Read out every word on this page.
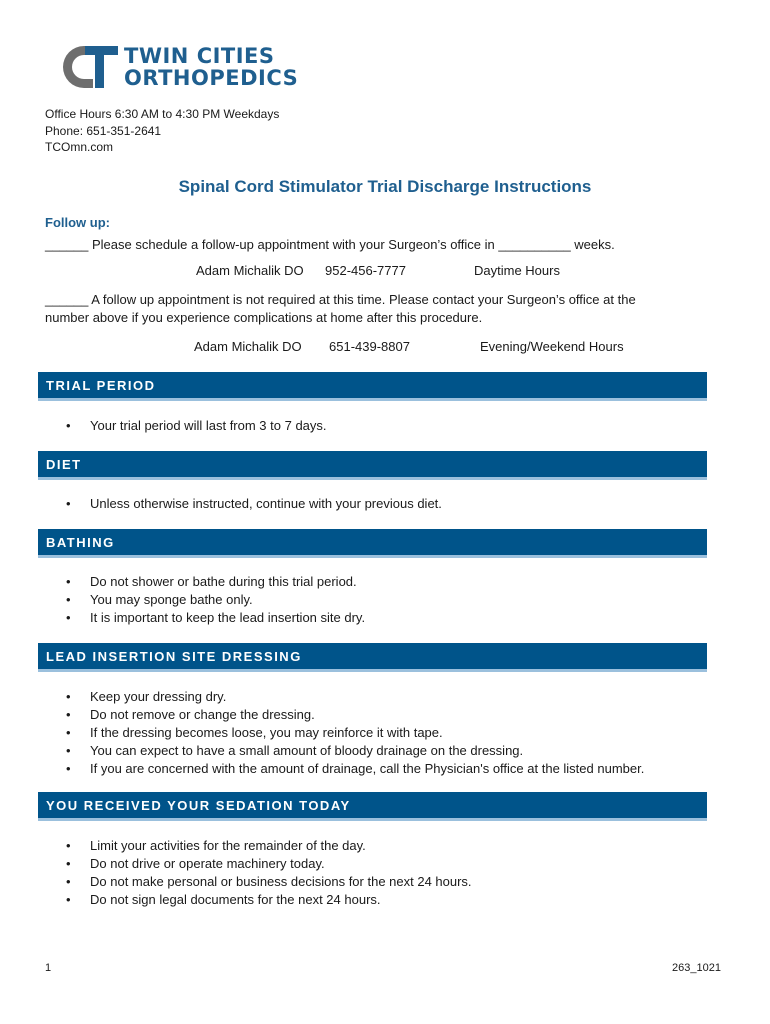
TWIN CITIES
ORTHOPEDICS
Office Hours 6:30 AM to 4:30 PM Weekdays
Phone: 651-351-2641
TCOmn.com
Spinal Cord Stimulator Trial Discharge Instructions
Follow up:
______ Please schedule a follow-up appointment with your Surgeon’s office in __________ weeks.
Adam Michalik DO 952-456-7777	Daytime Hours
______ A follow up appointment is not required at this time. Please contact your Surgeon’s office at the
number above if you experience complications at home after this procedure.
Adam Michalik DO 651-439-8807	Evening/Weekend Hours
TRIAL PERIOD
• Your trial period will last from 3 to 7 days.
DIET
• Unless otherwise instructed, continue with your previous diet.
BATHING
• Do not shower or bathe during this trial period.
• You may sponge bathe only.
• It is important to keep the lead insertion site dry.
LEAD INSERTION SITE DRESSING
• Keep your dressing dry.
• Do not remove or change the dressing.
• If the dressing becomes loose, you may reinforce it with tape.
• You can expect to have a small amount of bloody drainage on the dressing.
• If you are concerned with the amount of drainage, call the Physician's office at the listed number.
YOU RECEIVED YOUR SEDATION TODAY
• Limit your activities for the remainder of the day.
• Do not drive or operate machinery today.
• Do not make personal or business decisions for the next 24 hours.
• Do not sign legal documents for the next 24 hours.
1	263_1021
